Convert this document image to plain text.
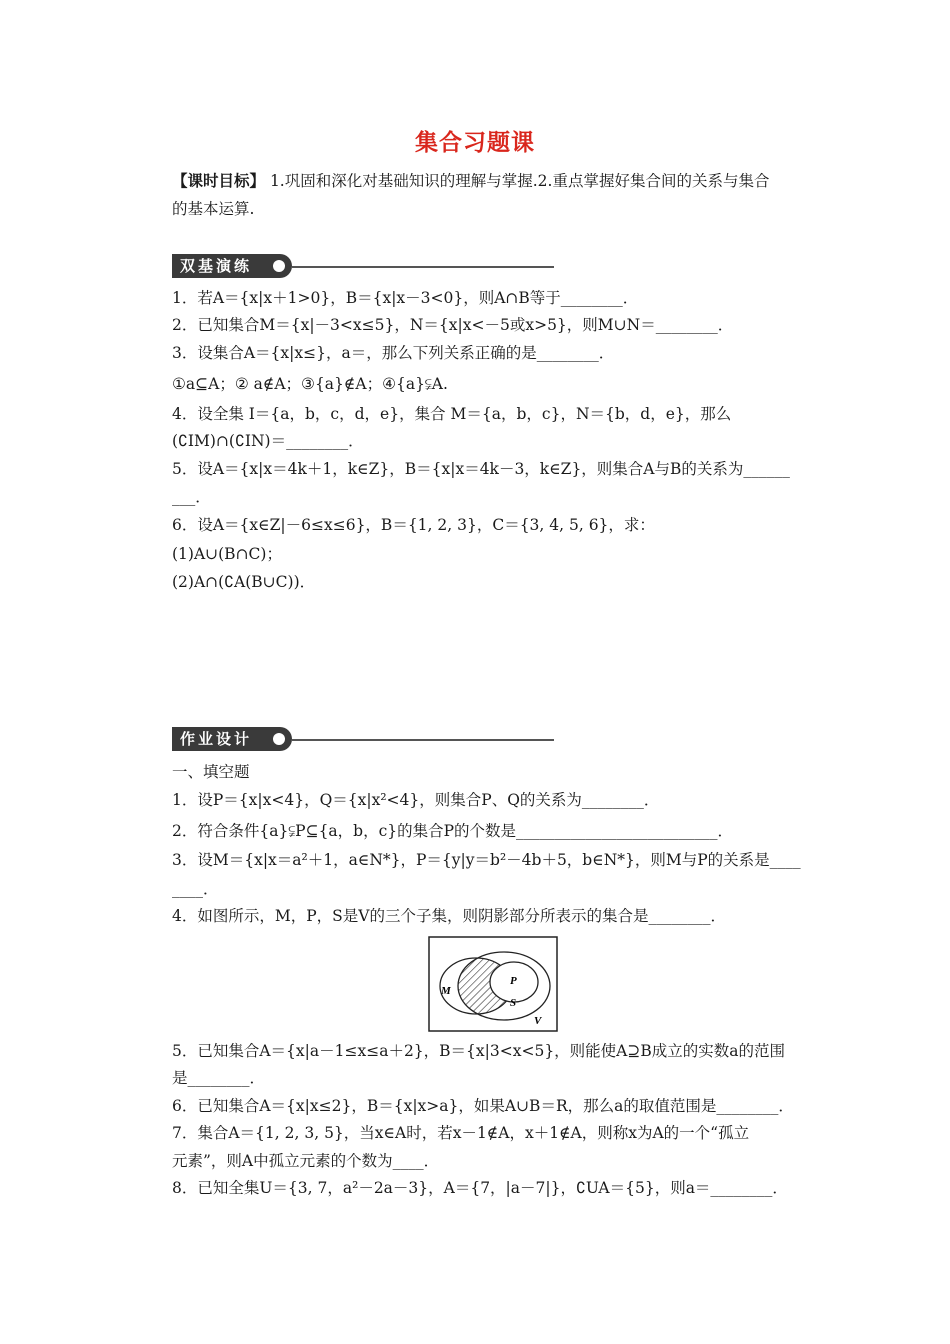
集合习题课
【课时目标】 1.巩固和深化对基础知识的理解与掌握.2.重点掌握好集合间的关系与集合
的基本运算.
双基演练
1．若A＝{x|x＋1>0}，B＝{x|x－3<0}，则A∩B等于________．
2．已知集合M＝{x|－3<x≤5}，N＝{x|x<－5或x>5}，则M∪N＝________．
3．设集合A＝{x|x≤}，a＝，那么下列关系正确的是________．
①a⊆A；② a∉A；③{a}∉A；④{a}⫋A.
4．设全集 I＝{a，b，c，d，e}，集合 M＝{a，b，c}，N＝{b，d，e}，那么
(∁IM)∩(∁IN)＝________．
5．设A＝{x|x＝4k＋1，k∈Z}，B＝{x|x＝4k－3，k∈Z}，则集合A与B的关系为______
___．
6．设A＝{x∈Z|－6≤x≤6}，B＝{1, 2, 3}，C＝{3, 4, 5, 6}，求：
(1)A∪(B∩C)；
(2)A∩(∁A(B∪C))．
作业设计
一、填空题
1．设P＝{x|x<4}，Q＝{x|x²<4}，则集合P、Q的关系为________．
2．符合条件{a}⫋P⊆{a，b，c}的集合P的个数是__________________________．
3．设M＝{x|x＝a²＋1，a∈N*}，P＝{y|y＝b²－4b＋5，b∈N*}，则M与P的关系是____
____．
4．如图所示，M，P，S是V的三个子集，则阴影部分所表示的集合是________．
M
P
S
V
5．已知集合A＝{x|a－1≤x≤a＋2}，B＝{x|3<x<5}，则能使A⊇B成立的实数a的范围
是________．
6．已知集合A＝{x|x≤2}，B＝{x|x>a}，如果A∪B＝R，那么a的取值范围是________．
7．集合A＝{1, 2, 3, 5}，当x∈A时，若x－1∉A，x＋1∉A，则称x为A的一个“孤立
元素”，则A中孤立元素的个数为____．
8．已知全集U＝{3, 7，a²－2a－3}，A＝{7，|a－7|}，∁UA＝{5}，则a＝________．
